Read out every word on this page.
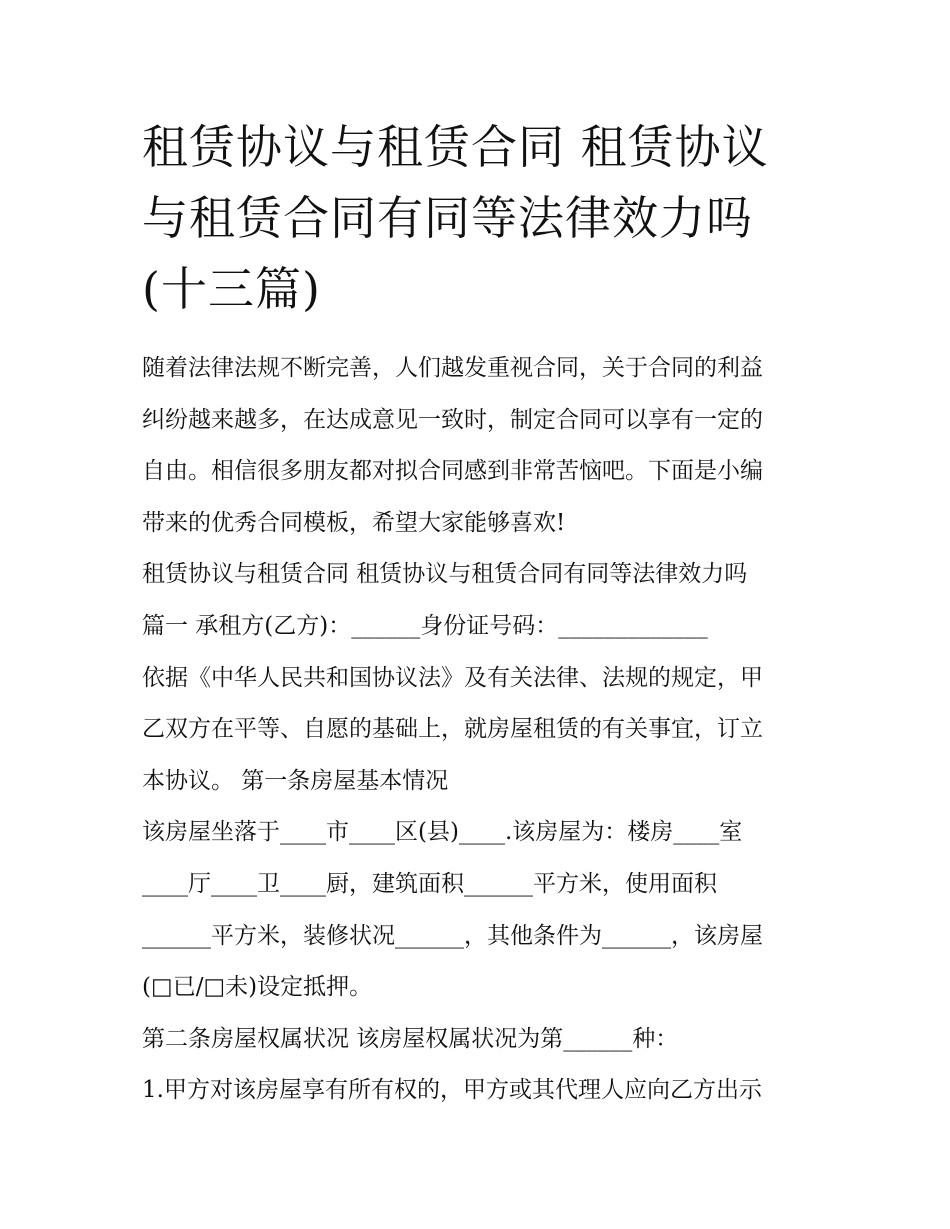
租赁协议与租赁合同 租赁协议
与租赁合同有同等法律效力吗
(十三篇)
随着法律法规不断完善，人们越发重视合同，关于合同的利益
纠纷越来越多，在达成意见一致时，制定合同可以享有一定的
自由。相信很多朋友都对拟合同感到非常苦恼吧。下面是小编
带来的优秀合同模板，希望大家能够喜欢!
租赁协议与租赁合同 租赁协议与租赁合同有同等法律效力吗
篇一 承租方(乙方)：______身份证号码：_____________
依据《中华人民共和国协议法》及有关法律、法规的规定，甲
乙双方在平等、自愿的基础上，就房屋租赁的有关事宜，订立
本协议。 第一条房屋基本情况
该房屋坐落于____市____区(县)____.该房屋为：楼房____室
____厅____卫____厨，建筑面积______平方米，使用面积
______平方米，装修状况______，其他条件为______，该房屋
(□已/□未)设定抵押。
第二条房屋权属状况 该房屋权属状况为第______种：
1.甲方对该房屋享有所有权的，甲方或其代理人应向乙方出示
